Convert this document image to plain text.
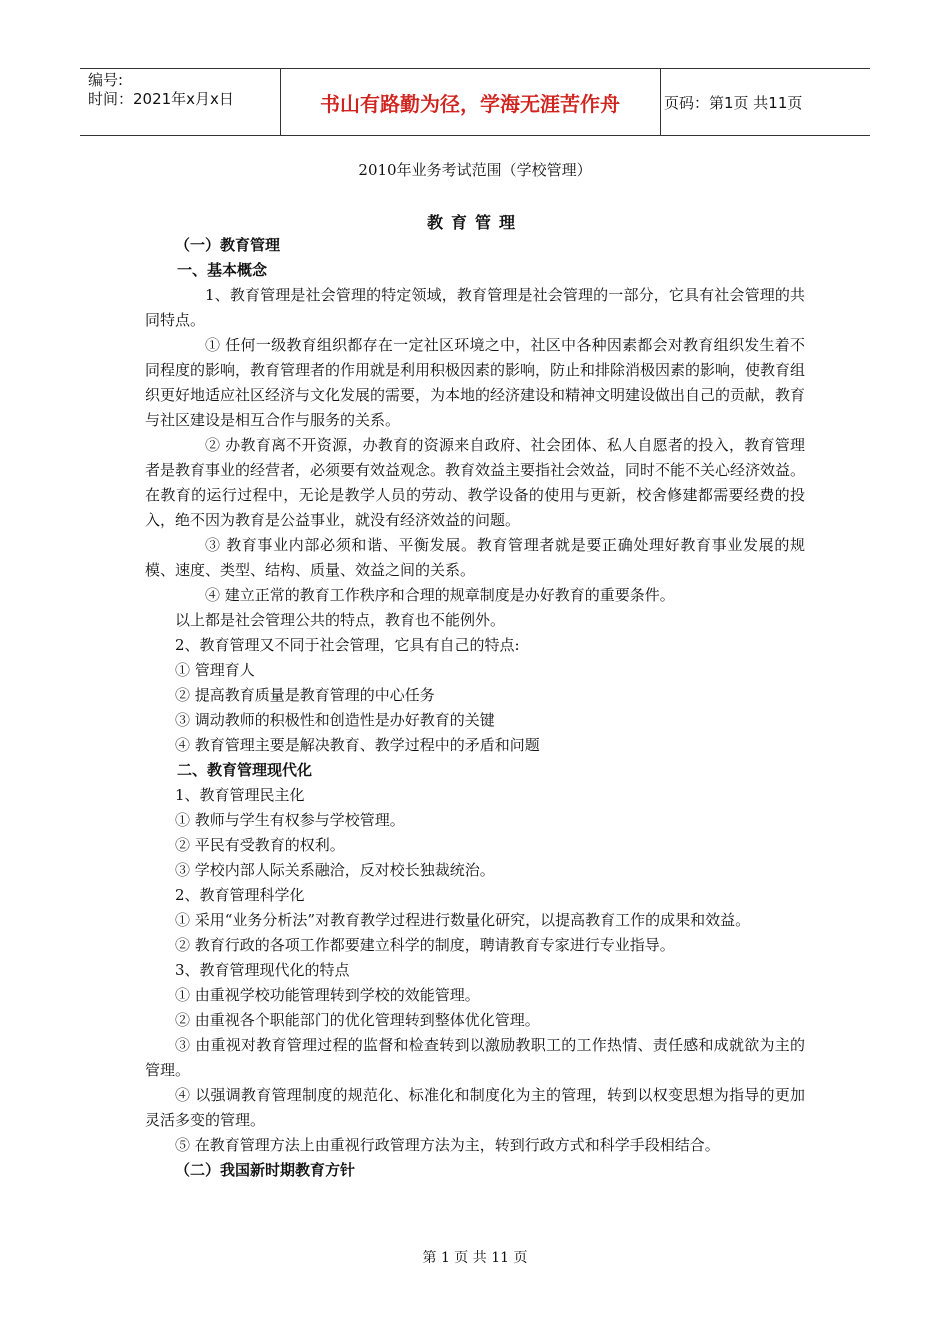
编号:
时间：2021年x月x日	书山有路勤为径，学海无涯苦作舟	页码：第1页 共11页
2010年业务考试范围（学校管理）
教育管理

（一）教育管理

一、基本概念

1、教育管理是社会管理的特定领域，教育管理是社会管理的一部分，它具有社会管理的共同特点。

① 任何一级教育组织都存在一定社区环境之中，社区中各种因素都会对教育组织发生着不同程度的影响，教育管理者的作用就是利用积极因素的影响，防止和排除消极因素的影响，使教育组织更好地适应社区经济与文化发展的需要，为本地的经济建设和精神文明建设做出自己的贡献，教育与社区建设是相互合作与服务的关系。

② 办教育离不开资源，办教育的资源来自政府、社会团体、私人自愿者的投入，教育管理者是教育事业的经营者，必须要有效益观念。教育效益主要指社会效益，同时不能不关心经济效益。在教育的运行过程中，无论是教学人员的劳动、教学设备的使用与更新，校舍修建都需要经费的投入，绝不因为教育是公益事业，就没有经济效益的问题。

③ 教育事业内部必须和谐、平衡发展。教育管理者就是要正确处理好教育事业发展的规模、速度、类型、结构、质量、效益之间的关系。

④ 建立正常的教育工作秩序和合理的规章制度是办好教育的重要条件。

以上都是社会管理公共的特点，教育也不能例外。

2、教育管理又不同于社会管理，它具有自己的特点:

① 管理育人

② 提高教育质量是教育管理的中心任务

③ 调动教师的积极性和创造性是办好教育的关键

④ 教育管理主要是解决教育、教学过程中的矛盾和问题

二、教育管理现代化

1、教育管理民主化

① 教师与学生有权参与学校管理。

② 平民有受教育的权利。

③ 学校内部人际关系融洽，反对校长独裁统治。

2、教育管理科学化

① 采用“业务分析法”对教育教学过程进行数量化研究，以提高教育工作的成果和效益。

② 教育行政的各项工作都要建立科学的制度，聘请教育专家进行专业指导。

3、教育管理现代化的特点

① 由重视学校功能管理转到学校的效能管理。

② 由重视各个职能部门的优化管理转到整体优化管理。

③ 由重视对教育管理过程的监督和检查转到以激励教职工的工作热情、责任感和成就欲为主的管理。

④ 以强调教育管理制度的规范化、标准化和制度化为主的管理，转到以权变思想为指导的更加灵活多变的管理。

⑤ 在教育管理方法上由重视行政管理方法为主，转到行政方式和科学手段相结合。

（二）我国新时期教育方针

第 1 页 共 11 页
